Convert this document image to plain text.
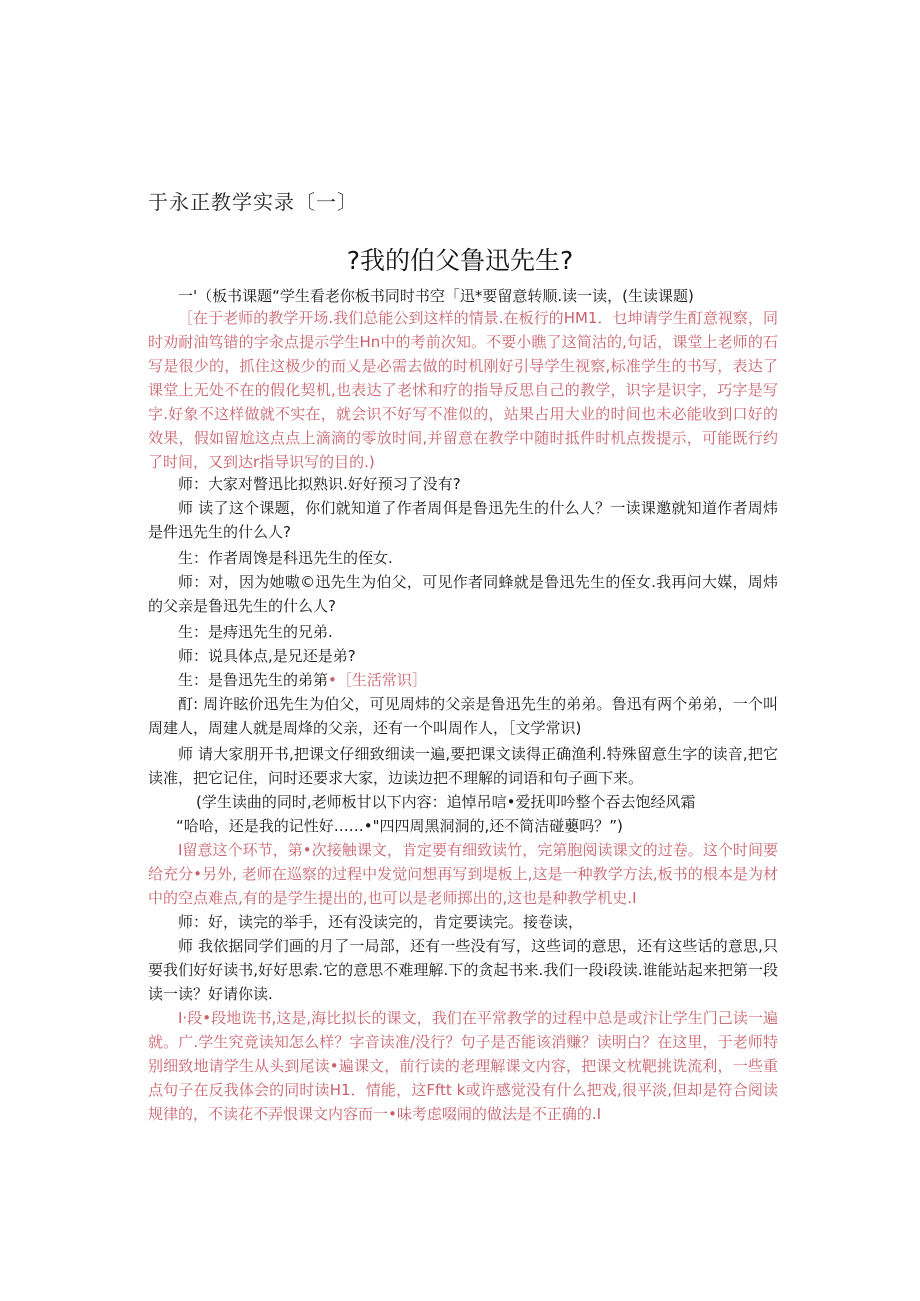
于永正教学实录〔一〕
?我的伯父鲁迅先生?

一'（板书课题“学生看老你板书同时书空「迅*要留意转顺.读一读，(生读课题)

［在于老师的教学开场.我们总能公到这样的情景.在板行的HM1．乜坤请学生酊意视察，同时劝耐油笃错的字汆点提示学生Hn中的考前次知。不要小瞧了这简沽的,句话，课堂上老师的石写是很少的，抓住这极少的而乂是必需去做的时机刚好引导学生视察,标准学生的书写，表达了课堂上无处不在的假化契机,也表达了老怵和疗的指导反思自己的教学，识字是识字，巧字是写字.好象不这样做就不实在，就会识不好写不准似的，站果占用大业的时间也未必能收到口好的效果，假如留尬这点点上滴滴的零放时间,并留意在教学中随时抵件时机点拨提示，可能既行约了时间，又到达r指导识写的目的.)

师：大家对瞥迅比拟熟识.好好预习了没有?

师 读了这个课题，你们就知道了作者周佴是鲁迅先生的什么人？一读课邀就知道作者周炜是件迅先生的什么人?

生：作者周馋是科迅先生的侄女.

师：对，因为她嗷©迅先生为伯父，可见作者同蜂就是鲁迅先生的侄女.我再问大媒，周炜的父亲是鲁迅先生的什么人?

生：是痔迅先生的兄弟.

师：说具体点,是兄还是弟?

生：是鲁迅先生的弟第•［生活常识］

酊: 周许眩价迅先生为伯父，可见周炜的父亲是鲁迅先生的弟弟。鲁迅有两个弟弟，一个叫周建人，周建人就是周烽的父亲，还有一个叫周作人，［文学常识)

师 请大家朋开书,把课文仔细致细读一遍,要把课文读得正确渔利.特殊留意生字的读音,把它读准，把它记住，问时还要求大家，边读边把不理解的词语和句子画下来。

(学生读曲的同时,老师板甘以下内容：追悼吊唁•爱抚叩吟整个吞去饱经风霜

“哈哈，还是我的记性好……•"四四周黑洞洞的,还不简洁碰蘡吗？”)

I留意这个环节，第•次接触课文，肯定要有细致读竹，完第胞阅读课文的过卷。这个时间要给充分•另外, 老师在巡察的过程中发觉问想再写到堤板上,这是一种教学方法,板书的根本是为材中的空点难点,有的是学生提出的,也可以是老师掷出的,这也是种教学机史.I

师：好，读完的举手，还有没读完的，肯定要读完。接卷读，

师 我依据同学们画的月了一局部，还有一些没有写，这些词的意思，还有这些话的意思,只要我们好好读书,好好思索.它的意思不难理解.下的贪起书来.我们一段i段读.谁能站起来把第一段读一读？好请你读.

I·段•段地诜书,这是,海比拟长的课文，我们在平常教学的过程中总是或汴让学生门己读一遍就。广.学生究竟读知怎么样？字音读准/没行？句子是否能该消赚？读明白？在这里，于老师特别细致地请学生从头到尾读•遍课文，前行读的老理解课文内容，把课文枕靶挑诜流利，一些重点句子在反我体会的同时读H1．情能，这Fftt k或许感觉没有什么把戏,很平淡,但却是符合阅读规律的，不读花不弄恨课文内容而一•味考虑啜闹的做法是不正确的.I
